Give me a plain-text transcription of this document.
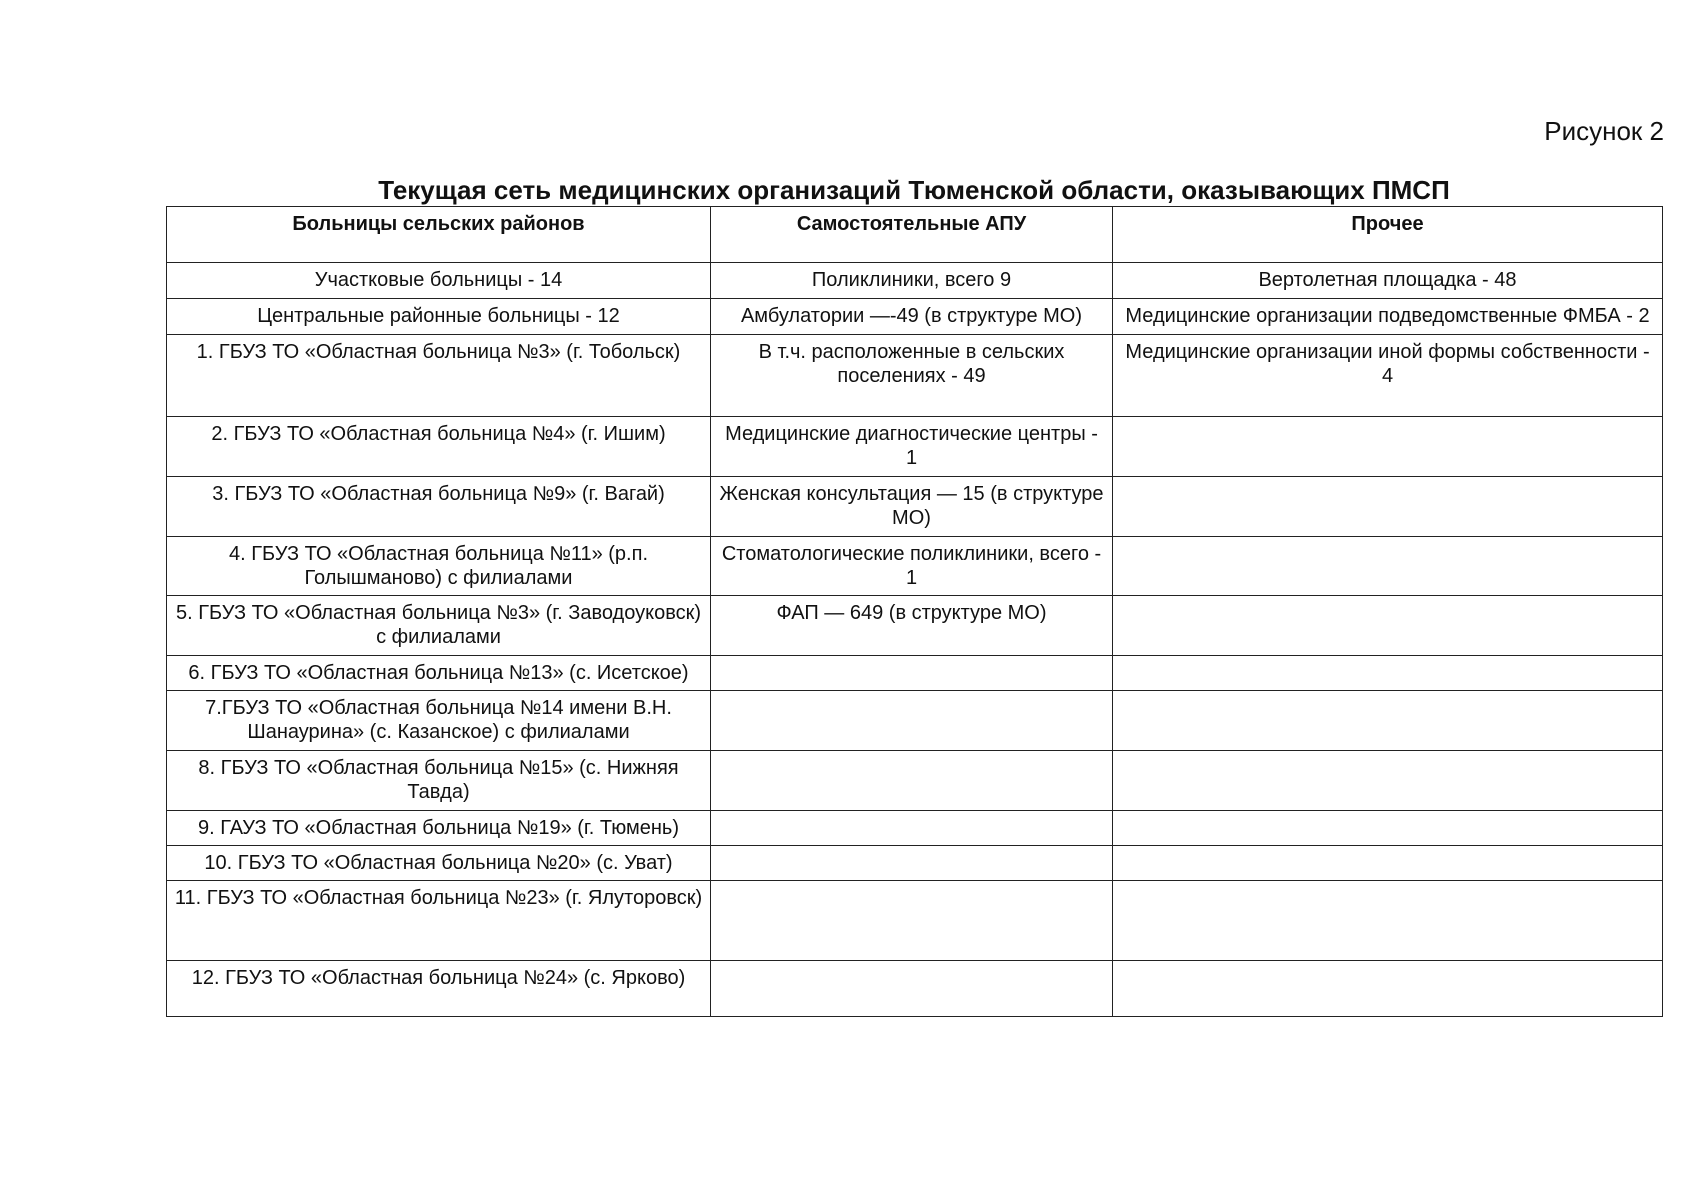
Рисунок 2
Текущая сеть медицинских организаций Тюменской области, оказывающих ПМСП
Больницы сельских районов	Самостоятельные АПУ	Прочее
Участковые больницы - 14	Поликлиники, всего 9	Вертолетная площадка - 48
Центральные районные больницы - 12	Амбулатории —-49 (в структуре МО)	Медицинские организации подведомственные ФМБА - 2
1. ГБУЗ ТО «Областная больница №3» (г. Тобольск)	В т.ч. расположенные в сельских поселениях - 49	Медицинские организации иной формы собственности - 4
2. ГБУЗ ТО «Областная больница №4» (г. Ишим)	Медицинские диагностические центры - 1	
3. ГБУЗ ТО «Областная больница №9» (г. Вагай)	Женская консультация — 15 (в структуре МО)	
4. ГБУЗ ТО «Областная больница №11» (р.п. Голышманово) с филиалами	Стоматологические поликлиники, всего - 1	
5. ГБУЗ ТО «Областная больница №3» (г. Заводоуковск) с филиалами	ФАП — 649 (в структуре МО)	
6. ГБУЗ ТО «Областная больница №13» (с. Исетское)		
7.ГБУЗ ТО «Областная больница №14 имени В.Н. Шанаурина» (с. Казанское) с филиалами		
8. ГБУЗ ТО «Областная больница №15» (с. Нижняя Тавда)		
9. ГАУЗ ТО «Областная больница №19» (г. Тюмень)		
10. ГБУЗ ТО «Областная больница №20» (с. Уват)		
11. ГБУЗ ТО «Областная больница №23» (г. Ялуторовск)		
12. ГБУЗ ТО «Областная больница №24» (с. Ярково)		
